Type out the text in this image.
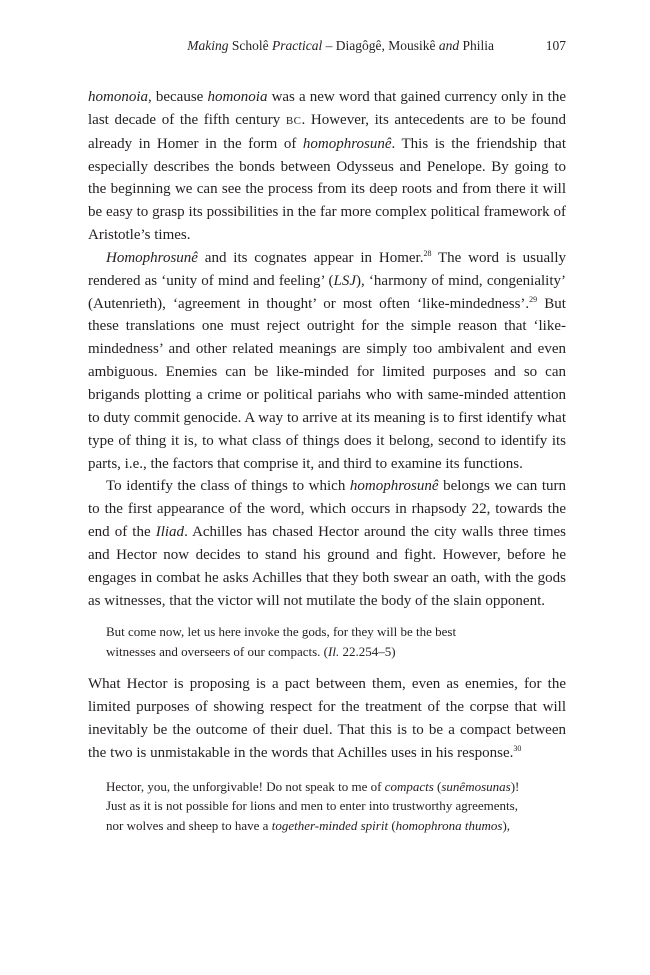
Making Scholê Practical – Diagôgê, Mousikê and Philia	107

homonoia, because homonoia was a new word that gained currency only in the last decade of the fifth century BC. However, its antecedents are to be found already in Homer in the form of homophrosunê. This is the friendship that especially describes the bonds between Odysseus and Penelope. By going to the beginning we can see the process from its deep roots and from there it will be easy to grasp its possibilities in the far more complex political framework of Aristotle’s times.

Homophrosunê and its cognates appear in Homer.$^{28}$ The word is usually rendered as ‘unity of mind and feeling’ (LSJ), ‘harmony of mind, congeniality’ (Autenrieth), ‘agreement in thought’ or most often ‘like-mindedness’.$^{29}$ But these translations one must reject outright for the simple reason that ‘like-mindedness’ and other related meanings are simply too ambivalent and even ambiguous. Enemies can be like-minded for limited purposes and so can brigands plotting a crime or political pariahs who with same-minded attention to duty commit genocide. A way to arrive at its meaning is to first identify what type of thing it is, to what class of things does it belong, second to identify its parts, i.e., the factors that comprise it, and third to examine its functions.

To identify the class of things to which homophrosunê belongs we can turn to the first appearance of the word, which occurs in rhapsody 22, towards the end of the Iliad. Achilles has chased Hector around the city walls three times and Hector now decides to stand his ground and fight. However, before he engages in combat he asks Achilles that they both swear an oath, with the gods as witnesses, that the victor will not mutilate the body of the slain opponent.

But come now, let us here invoke the gods, for they will be the best
witnesses and overseers of our compacts. (Il. 22.254–5)

What Hector is proposing is a pact between them, even as enemies, for the limited purposes of showing respect for the treatment of the corpse that will inevitably be the outcome of their duel. That this is to be a compact between the two is unmistakable in the words that Achilles uses in his response.$^{30}$

Hector, you, the unforgivable! Do not speak to me of compacts (sunêmosunas)!
Just as it is not possible for lions and men to enter into trustworthy agreements,
nor wolves and sheep to have a together-minded spirit (homophrona thumos),
